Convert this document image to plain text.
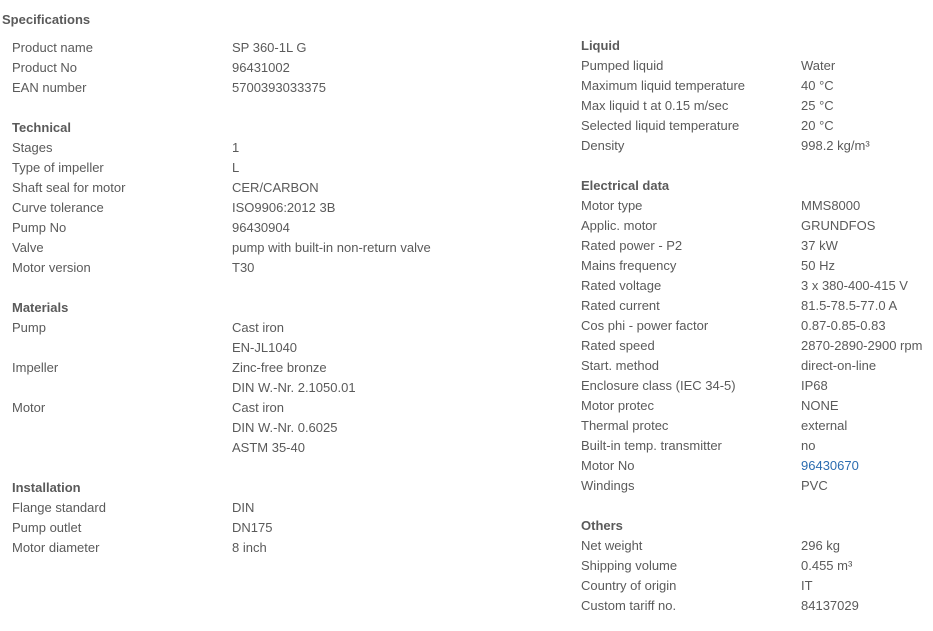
Specifications
Product name	SP 360-1L G
Product No	96431002
EAN number	5700393033375
Technical
Stages	1
Type of impeller	L
Shaft seal for motor	CER/CARBON
Curve tolerance	ISO9906:2012 3B
Pump No	96430904
Valve	pump with built-in non-return valve
Motor version	T30
Materials
Pump	Cast iron
EN-JL1040
Impeller	Zinc-free bronze
DIN W.-Nr. 2.1050.01
Motor	Cast iron
DIN W.-Nr. 0.6025
ASTM 35-40
Installation
Flange standard	DIN
Pump outlet	DN175
Motor diameter	8 inch
Liquid
Pumped liquid	Water
Maximum liquid temperature	40 °C
Max liquid t at 0.15 m/sec	25 °C
Selected liquid temperature	20 °C
Density	998.2 kg/m³
Electrical data
Motor type	MMS8000
Applic. motor	GRUNDFOS
Rated power - P2	37 kW
Mains frequency	50 Hz
Rated voltage	3 x 380-400-415 V
Rated current	81.5-78.5-77.0 A
Cos phi - power factor	0.87-0.85-0.83
Rated speed	2870-2890-2900 rpm
Start. method	direct-on-line
Enclosure class (IEC 34-5)	IP68
Motor protec	NONE
Thermal protec	external
Built-in temp. transmitter	no
Motor No	96430670
Windings	PVC
Others
Net weight	296 kg
Shipping volume	0.455 m³
Country of origin	IT
Custom tariff no.	84137029
